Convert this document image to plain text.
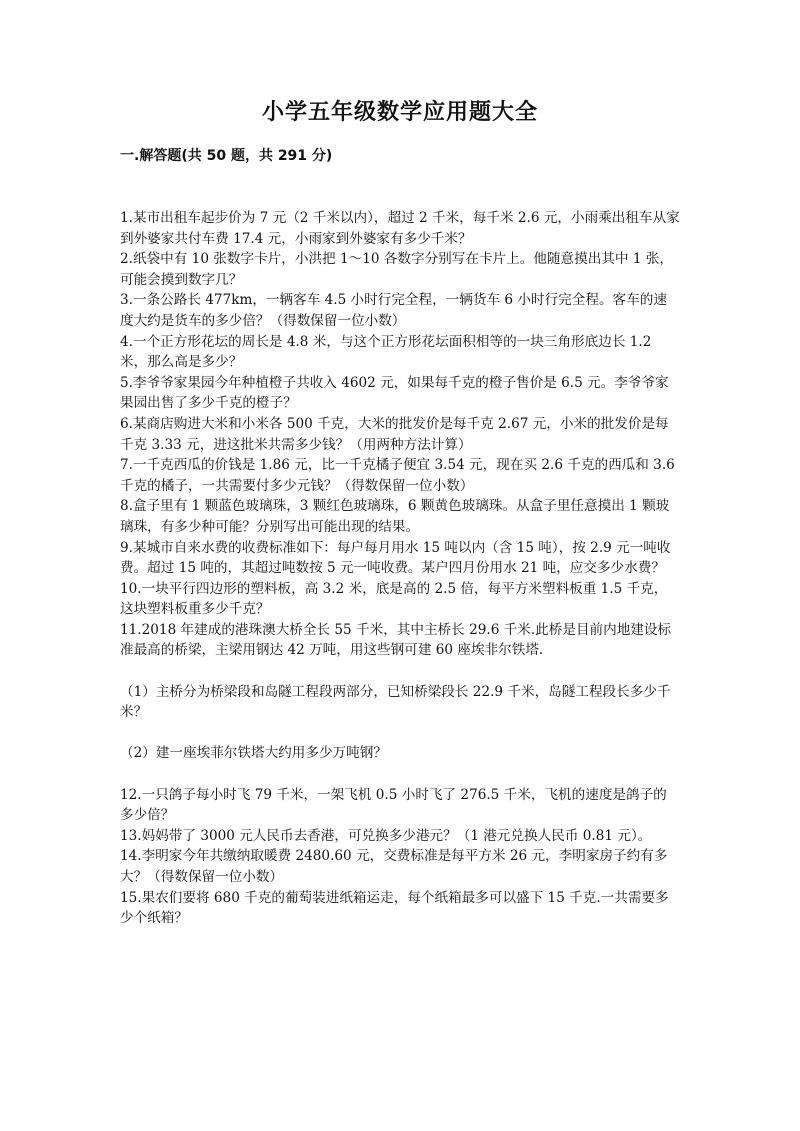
小学五年级数学应用题大全
一.解答题(共 50 题，共 291 分)

1.某市出租车起步价为 7 元（2 千米以内），超过 2 千米，每千米 2.6 元，小雨乘出租车从家到外婆家共付车费 17.4 元，小雨家到外婆家有多少千米？

2.纸袋中有 10 张数字卡片，小洪把 1～10 各数字分别写在卡片上。他随意摸出其中 1 张，可能会摸到数字几？

3.一条公路长 477km，一辆客车 4.5 小时行完全程，一辆货车 6 小时行完全程。客车的速度大约是货车的多少倍？（得数保留一位小数）

4.一个正方形花坛的周长是 4.8 米，与这个正方形花坛面积相等的一块三角形底边长 1.2 米，那么高是多少？

5.李爷爷家果园今年种植橙子共收入 4602 元，如果每千克的橙子售价是 6.5 元。李爷爷家果园出售了多少千克的橙子？

6.某商店购进大米和小米各 500 千克，大米的批发价是每千克 2.67 元，小米的批发价是每千克 3.33 元，进这批米共需多少钱？（用两种方法计算）

7.一千克西瓜的价钱是 1.86 元，比一千克橘子便宜 3.54 元，现在买 2.6 千克的西瓜和 3.6 千克的橘子，一共需要付多少元钱？（得数保留一位小数）

8.盒子里有 1 颗蓝色玻璃珠，3 颗红色玻璃珠，6 颗黄色玻璃珠。从盒子里任意摸出 1 颗玻璃珠，有多少种可能？分别写出可能出现的结果。

9.某城市自来水费的收费标准如下：每户每月用水 15 吨以内（含 15 吨），按 2.9 元一吨收费。超过 15 吨的，其超过吨数按 5 元一吨收费。某户四月份用水 21 吨，应交多少水费？

10.一块平行四边形的塑料板，高 3.2 米，底是高的 2.5 倍，每平方米塑料板重 1.5 千克，这块塑料板重多少千克？

11.2018 年建成的港珠澳大桥全长 55 千米，其中主桥长 29.6 千米.此桥是目前内地建设标准最高的桥梁，主梁用钢达 42 万吨，用这些钢可建 60 座埃非尔铁塔.

（1）主桥分为桥梁段和岛隧工程段两部分，已知桥梁段长 22.9 千米，岛隧工程段长多少千米？

（2）建一座埃菲尔铁塔大约用多少万吨钢？

12.一只鸽子每小时飞 79 千米，一架飞机 0.5 小时飞了 276.5 千米，飞机的速度是鸽子的多少倍？

13.妈妈带了 3000 元人民币去香港，可兑换多少港元？（1 港元兑换人民币 0.81 元）。

14.李明家今年共缴纳取暖费 2480.60 元，交费标准是每平方米 26 元，李明家房子约有多大？（得数保留一位小数）

15.果农们要将 680 千克的葡萄装进纸箱运走，每个纸箱最多可以盛下 15 千克.一共需要多少个纸箱？
